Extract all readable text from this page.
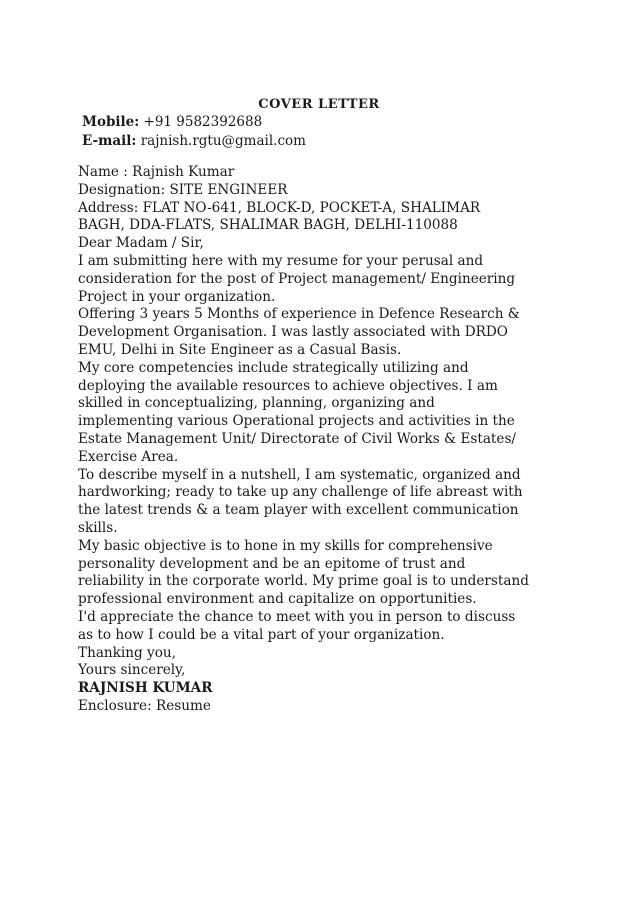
COVER LETTER
Mobile: +91 9582392688
E-mail: rajnish.rgtu@gmail.com
Name : Rajnish Kumar
Designation: SITE ENGINEER
Address: FLAT NO-641, BLOCK-D, POCKET-A, SHALIMAR
BAGH, DDA-FLATS, SHALIMAR BAGH, DELHI-110088
Dear Madam / Sir,
I am submitting here with my resume for your perusal and
consideration for the post of Project management/ Engineering
Project in your organization.
Offering 3 years 5 Months of experience in Defence Research &
Development Organisation. I was lastly associated with DRDO
EMU, Delhi in Site Engineer as a Casual Basis.
My core competencies include strategically utilizing and
deploying the available resources to achieve objectives. I am
skilled in conceptualizing, planning, organizing and
implementing various Operational projects and activities in the
Estate Management Unit/ Directorate of Civil Works & Estates/
Exercise Area.
To describe myself in a nutshell, I am systematic, organized and
hardworking; ready to take up any challenge of life abreast with
the latest trends & a team player with excellent communication
skills.
My basic objective is to hone in my skills for comprehensive
personality development and be an epitome of trust and
reliability in the corporate world. My prime goal is to understand
professional environment and capitalize on opportunities.
I'd appreciate the chance to meet with you in person to discuss
as to how I could be a vital part of your organization.
Thanking you,
Yours sincerely,
RAJNISH KUMAR
Enclosure: Resume
